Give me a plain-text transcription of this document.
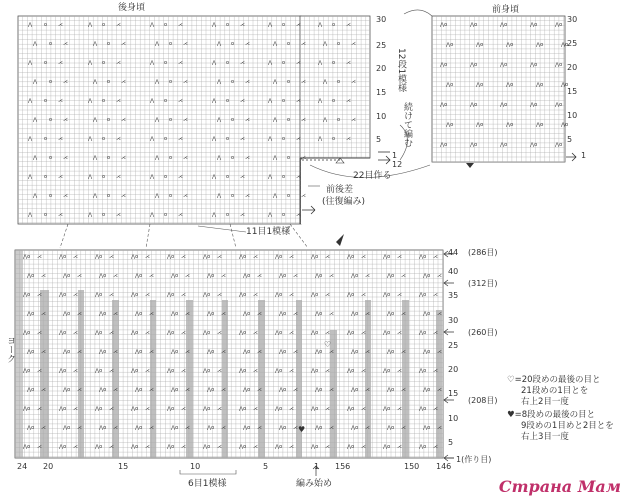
⋀ o ⋌	⋀ o ⋌	⋀ o ⋌	⋀ o ⋌	⋀ o ⋌	⋀ o ⋌
⋀ o ⋌	⋀ o ⋌	⋀ o ⋌	⋀ o ⋌	⋀ o ⋌	⋀ o ⋌
⋀ o ⋌	⋀ o ⋌	⋀ o ⋌	⋀ o ⋌	⋀ o ⋌	⋀ o ⋌
⋀ o ⋌	⋀ o ⋌	⋀ o ⋌	⋀ o ⋌	⋀ o ⋌	⋀ o ⋌
⋀ o ⋌	⋀ o ⋌	⋀ o ⋌	⋀ o ⋌	⋀ o ⋌	⋀ o ⋌
⋀ o ⋌	⋀ o ⋌	⋀ o ⋌	⋀ o ⋌	⋀ o ⋌	⋀ o ⋌
⋀ o ⋌	⋀ o ⋌	⋀ o ⋌	⋀ o ⋌	⋀ o ⋌	⋀ o ⋌
⋀ o ⋌	⋀ o ⋌	⋀ o ⋌	⋀ o ⋌	⋀ o ⋌
⋀ o ⋌	⋀ o ⋌	⋀ o ⋌	⋀ o ⋌	⋀ o ⋌
⋀ o ⋌	⋀ o ⋌	⋀ o ⋌	⋀ o ⋌	⋀ o ⋌
⋀ o ⋌	⋀ o ⋌	⋀ o ⋌	⋀ o ⋌	⋀ o ⋌
⋀o	⋀o	⋀o	⋀o	⋀o
⋀o	⋀o	⋀o	⋀o	⋀o
⋀o	⋀o	⋀o	⋀o	⋀o
⋀o	⋀o	⋀o	⋀o	⋀o
⋀o	⋀o	⋀o	⋀o	⋀o
⋀o	⋀o	⋀o	⋀o	⋀o
⋀o	⋀o	⋀o	⋀o	⋀o
⋀o ⋌	⋀o ⋌	⋀o ⋌	⋀o ⋌	⋀o ⋌	⋀o ⋌	⋀o ⋌	⋀o ⋌	⋀o ⋌	⋀o ⋌	⋀o ⋌	⋀o ⋌
⋀o ⋌	⋀o ⋌	⋀o ⋌	⋀o ⋌	⋀o ⋌	⋀o ⋌	⋀o ⋌	⋀o ⋌	⋀o ⋌	⋀o ⋌	⋀o ⋌	⋀o ⋌
⋀o ⋌	⋀o ⋌	⋀o ⋌	⋀o ⋌	⋀o ⋌	⋀o ⋌	⋀o ⋌	⋀o ⋌	⋀o ⋌	⋀o ⋌	⋀o ⋌	⋀o ⋌
⋀o ⋌	⋀o ⋌	⋀o ⋌	⋀o ⋌	⋀o ⋌	⋀o ⋌	⋀o ⋌	⋀o ⋌	⋀o ⋌	⋀o ⋌	⋀o ⋌	⋀o ⋌
⋀o ⋌	⋀o ⋌	⋀o ⋌	⋀o ⋌	⋀o ⋌	⋀o ⋌	⋀o ⋌	⋀o ⋌	⋀o ⋌	⋀o ⋌	⋀o ⋌	⋀o ⋌
⋀o ⋌	⋀o ⋌	⋀o ⋌	⋀o ⋌	⋀o ⋌	⋀o ⋌	⋀o ⋌	⋀o ⋌	⋀o ⋌	⋀o ⋌	⋀o ⋌	⋀o ⋌
⋀o ⋌	⋀o ⋌	⋀o ⋌	⋀o ⋌	⋀o ⋌	⋀o ⋌	⋀o ⋌	⋀o ⋌	⋀o ⋌	⋀o ⋌	⋀o ⋌	⋀o ⋌
⋀o ⋌	⋀o ⋌	⋀o ⋌	⋀o ⋌	⋀o ⋌	⋀o ⋌	⋀o ⋌	⋀o ⋌	⋀o ⋌	⋀o ⋌	⋀o ⋌	⋀o ⋌
⋀o ⋌	⋀o ⋌	⋀o ⋌	⋀o ⋌	⋀o ⋌	⋀o ⋌	⋀o ⋌	⋀o ⋌	⋀o ⋌	⋀o ⋌	⋀o ⋌	⋀o ⋌
⋀o ⋌	⋀o ⋌	⋀o ⋌	⋀o ⋌	⋀o ⋌	⋀o ⋌	⋀o ⋌	⋀o ⋌	⋀o ⋌	⋀o ⋌	⋀o ⋌	⋀o ⋌
⋀o ⋌	⋀o ⋌	⋀o ⋌	⋀o ⋌	⋀o ⋌	⋀o ⋌	⋀o ⋌	⋀o ⋌	⋀o ⋌	⋀o ⋌	⋀o ⋌	⋀o ⋌
♡
♥
後身頃
30
25
20
15
10
5
12段1模様
11目1模様
前身頃
30
25
20
15
10
5
1
続けて編む
22目作る
12
1
前後差
(往復編み)
ヨーク
44
40
35
30
25
20
15
10
5
1(作り目)
(286目)
(312目)
(260目)
(208目)
24 20	15	10	5	1 156	150 146
6目1模様	編み始め
♡=20段めの最後の目と
21段めの1目とを
右上2目一度
♥=8段めの最後の目と
9段めの1目めと2目とを
右上3目一度
Страна Мам
